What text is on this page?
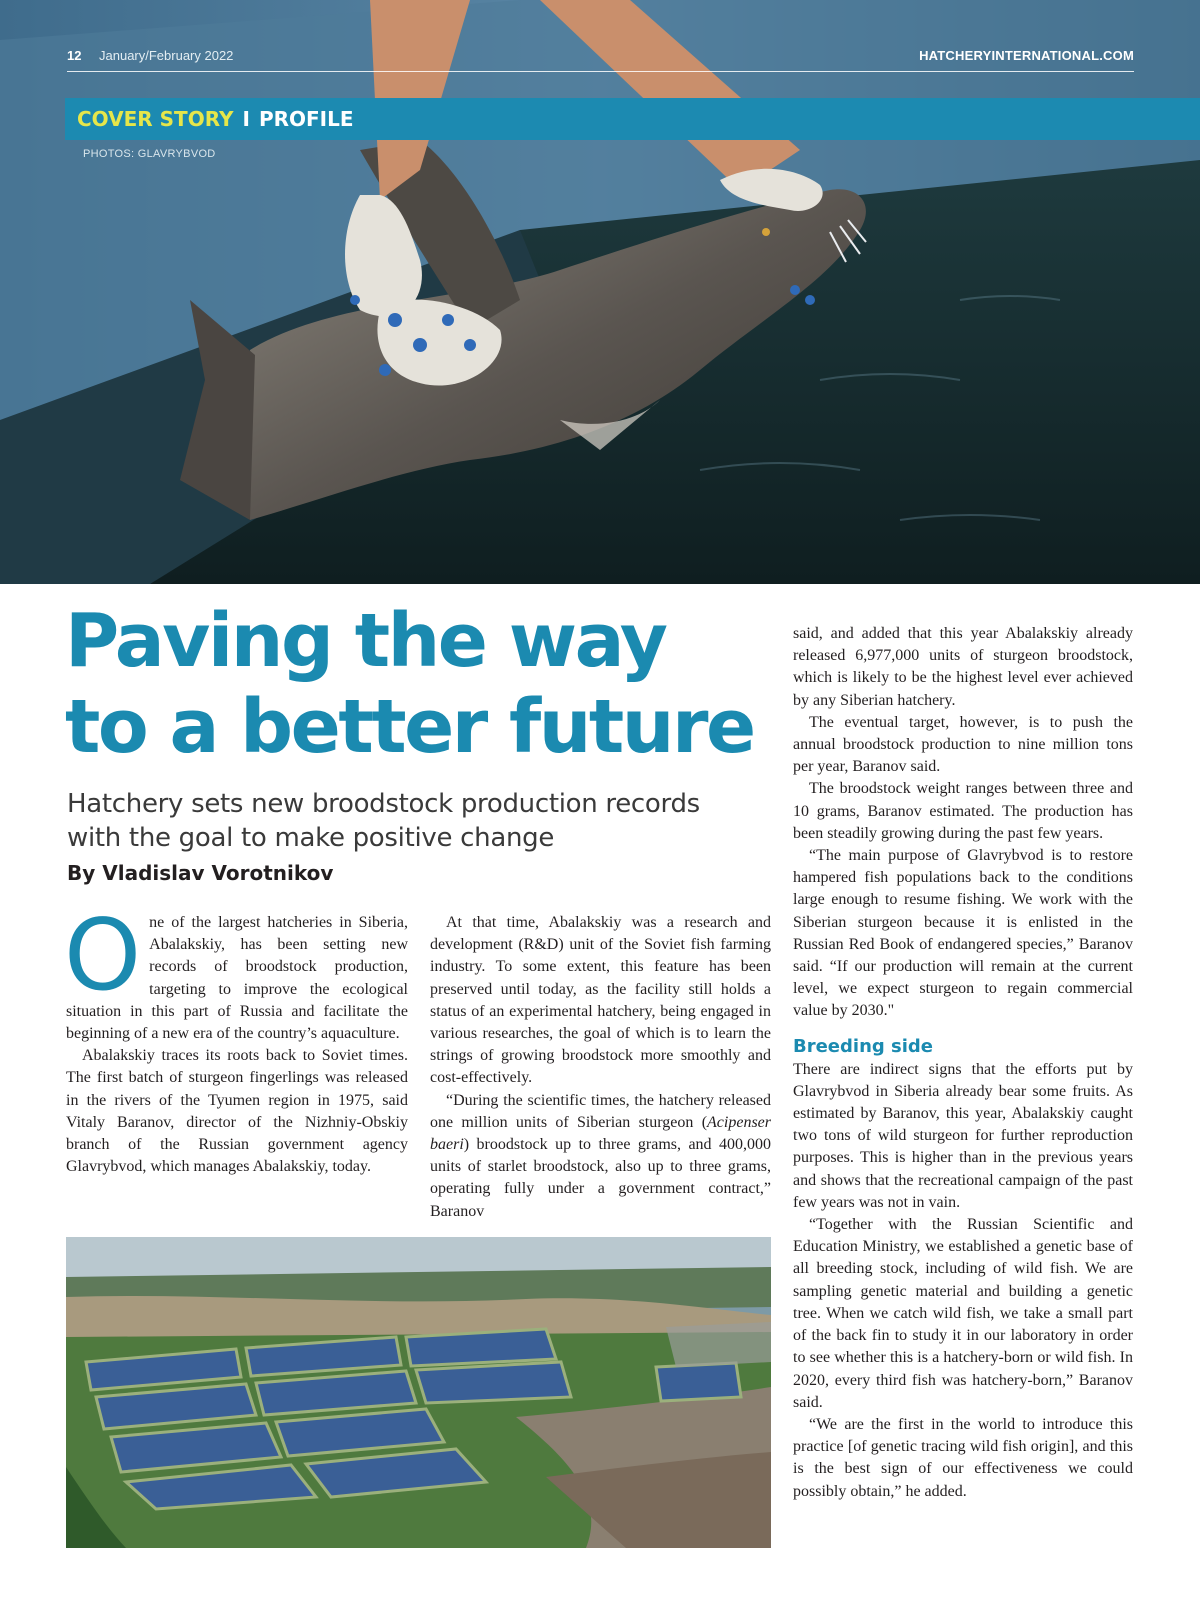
12 January/February 2022	HATCHERYINTERNATIONAL.COM
COVER STORY I PROFILE
PHOTOS: GLAVRYBVOD
Paving the way
to a better future
Hatchery sets new broodstock production records
with the goal to make positive change
By Vladislav Vorotnikov

One of the largest hatcheries in Siberia, Abalakskiy, has been setting new records of broodstock production, targeting to improve the ecological situation in this part of Russia and facilitate the beginning of a new era of the country’s aquaculture.

Abalakskiy traces its roots back to Soviet times. The first batch of sturgeon fingerlings was released in the rivers of the Tyumen region in 1975, said Vitaly Baranov, director of the Nizhniy-Obskiy branch of the Russian government agency Glavrybvod, which manages Abalakskiy, today.

At that time, Abalakskiy was a research and development (R&D) unit of the Soviet fish farming industry. To some extent, this feature has been preserved until today, as the facility still holds a status of an experimental hatchery, being engaged in various researches, the goal of which is to learn the strings of growing broodstock more smoothly and cost-effectively.

“During the scientific times, the hatchery released one million units of Siberian sturgeon (Acipenser baeri) broodstock up to three grams, and 400,000 units of starlet broodstock, also up to three grams, operating fully under a government contract,” Baranov

said, and added that this year Abalakskiy already released 6,977,000 units of sturgeon broodstock, which is likely to be the highest level ever achieved by any Siberian hatchery.

The eventual target, however, is to push the annual broodstock production to nine million tons per year, Baranov said.

The broodstock weight ranges between three and 10 grams, Baranov estimated. The production has been steadily growing during the past few years.

“The main purpose of Glavrybvod is to restore hampered fish populations back to the conditions large enough to resume fishing. We work with the Siberian sturgeon because it is enlisted in the Russian Red Book of endangered species,” Baranov said. “If our production will remain at the current level, we expect sturgeon to regain commercial value by 2030."

Breeding side

There are indirect signs that the efforts put by Glavrybvod in Siberia already bear some fruits. As estimated by Baranov, this year, Abalakskiy caught two tons of wild sturgeon for further reproduction purposes. This is higher than in the previous years and shows that the recreational campaign of the past few years was not in vain.

“Together with the Russian Scientific and Education Ministry, we established a genetic base of all breeding stock, including of wild fish. We are sampling genetic material and building a genetic tree. When we catch wild fish, we take a small part of the back fin to study it in our laboratory in order to see whether this is a hatchery-born or wild fish. In 2020, every third fish was hatchery-born,” Baranov said.

“We are the first in the world to introduce this practice [of genetic tracing wild fish origin], and this is the best sign of our effectiveness we could possibly obtain,” he added.
